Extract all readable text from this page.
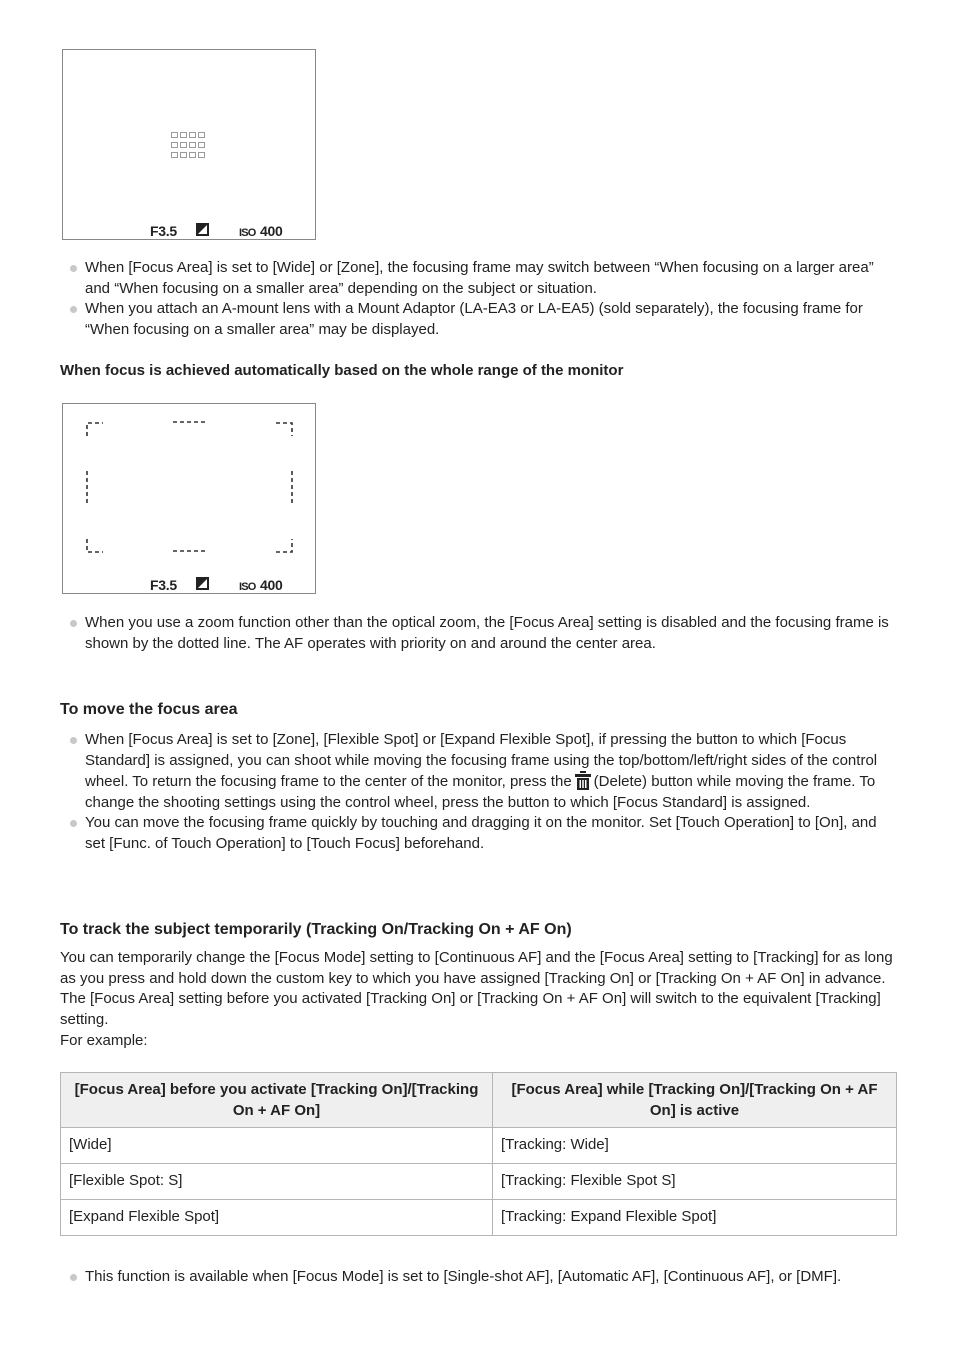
F3.5	ISO 400
When [Focus Area] is set to [Wide] or [Zone], the focusing frame may switch between “When focusing on a larger area” and “When focusing on a smaller area” depending on the subject or situation.
When you attach an A-mount lens with a Mount Adaptor (LA-EA3 or LA-EA5) (sold separately), the focusing frame for “When focusing on a smaller area” may be displayed.
When focus is achieved automatically based on the whole range of the monitor
F3.5	ISO 400
When you use a zoom function other than the optical zoom, the [Focus Area] setting is disabled and the focusing frame is shown by the dotted line. The AF operates with priority on and around the center area.
To move the focus area
When [Focus Area] is set to [Zone], [Flexible Spot] or [Expand Flexible Spot], if pressing the button to which [Focus Standard] is assigned, you can shoot while moving the focusing frame using the top/bottom/left/right sides of the control wheel. To return the focusing frame to the center of the monitor, press the (Delete) button while moving the frame. To change the shooting settings using the control wheel, press the button to which [Focus Standard] is assigned.
You can move the focusing frame quickly by touching and dragging it on the monitor. Set [Touch Operation] to [On], and set [Func. of Touch Operation] to [Touch Focus] beforehand.
To track the subject temporarily (Tracking On/Tracking On + AF On)

You can temporarily change the [Focus Mode] setting to [Continuous AF] and the [Focus Area] setting to [Tracking] for as long as you press and hold down the custom key to which you have assigned [Tracking On] or [Tracking On + AF On] in advance. The [Focus Area] setting before you activated [Tracking On] or [Tracking On + AF On] will switch to the equivalent [Tracking] setting.

For example:

[Focus Area] before you activate [Tracking On]/[Tracking On + AF On]	[Focus Area] while [Tracking On]/[Tracking On + AF On] is active
[Wide]	[Tracking: Wide]
[Flexible Spot: S]	[Tracking: Flexible Spot S]
[Expand Flexible Spot]	[Tracking: Expand Flexible Spot]
This function is available when [Focus Mode] is set to [Single-shot AF], [Automatic AF], [Continuous AF], or [DMF].
